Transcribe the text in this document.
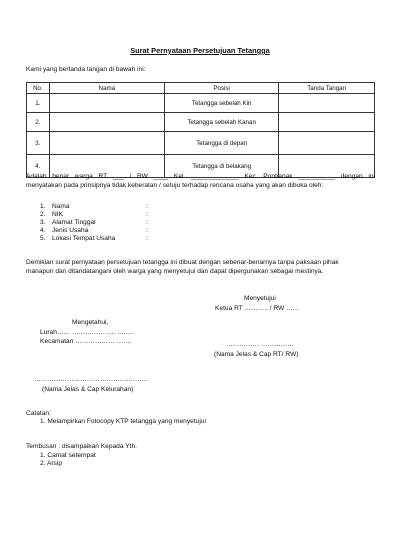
Surat Pernyataan Persetujuan Tetangga
Kami yang bertanda tangan di bawah ini:
No.	Nama	Posisi	Tanda Tangan
1.		Tetangga sebelah Kiri	
2.		Tetangga sebelah Kanan	
3.		Tetangga di depan	
4.		Tetangga di belakang	
Adalah benar warga RT ___ / RW ____ Kel. _____________ Kec. Pontianak __________ dengan ini
menyatakan pada prinsipnya tidak keberatan / setuju terhadap rencana usaha yang akan dibuka oleh:
1. Nama	:
2. NIK	:
3. Alamat Tinggal	:
4. Jenis Usaha	:
5. Lokasi Tempat Usaha	:
Demikian surat pernyataan persetujuan tetangga ini dibuat dengan sebenar-benarnya tanpa paksaan pihak
manapun dan ditandatangani oleh warga yang menyetujui dan dapat dipergunakan sebagai mestinya.
Menyetujui
Ketua RT ……….. / RW ……
Mengetahui,
Lurah…… ……………….. ……..
Kecamatan ……………… …….	…………… ……………
(Nama Jelas & Cap RT/ RW)
…………………………………………….
(Nama Jelas & Cap Kelurahan)
Catatan:
1. Melampirkan Fotocopy KTP tetangga yang menyetujui
Tembusan : disampaikan Kepada Yth.
1. Camat setempat
2. Arsip
